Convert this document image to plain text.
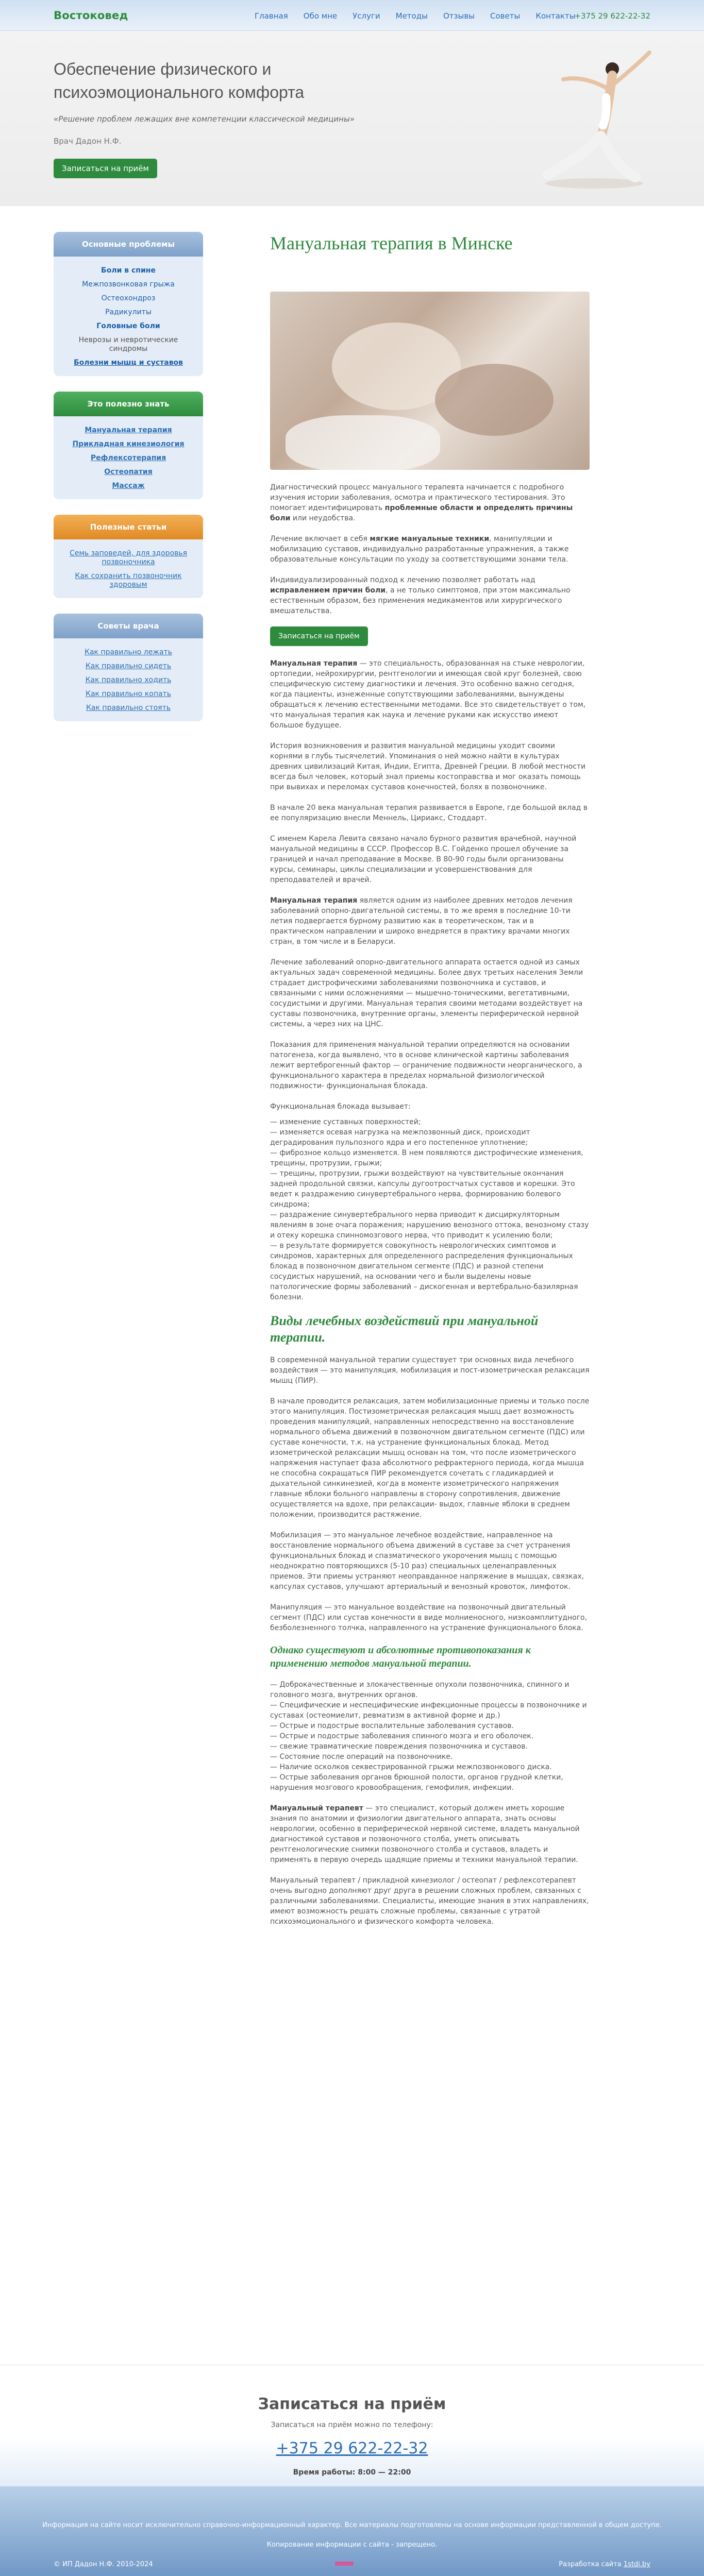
Востоковед	Главная Обо мне Услуги Методы Отзывы Советы Контакты
+375 29 622-22-32
Обеспечение физического и психоэмоционального комфорта
«Решение проблем лежащих вне компетенции классической медицины»
Врач Дадон Н.Ф.
Записаться на приём
Основные проблемы
Боли в спине
Межпозвонковая грыжа
Остеохондроз
Радикулиты
Головные боли
Неврозы и невротические синдромы
Болезни мышц и суставов
Это полезно знать
Мануальная терапия
Прикладная кинезиология
Рефлексотерапия
Остеопатия
Массаж
Полезные статьи
Семь заповедей, для здоровья позвоночника
Как сохранить позвоночник здоровым
Советы врача
Как правильно лежать
Как правильно сидеть
Как правильно ходить
Как правильно копать
Как правильно стоять
Мануальная терапия в Минске

Диагностический процесс мануального терапевта начинается с подробного изучения истории заболевания, осмотра и практического тестирования. Это помогает идентифицировать проблемные области и определить причины боли или неудобства.

Лечение включает в себя мягкие мануальные техники, манипуляции и мобилизацию суставов, индивидуально разработанные упражнения, а также образовательные консультации по уходу за соответствующими зонами тела.

Индивидуализированный подход к лечению позволяет работать над исправлением причин боли, а не только симптомов, при этом максимально естественным образом, без применения медикаментов или хирургического вмешательства.

Записаться на приём

Мануальная терапия — это специальность, образованная на стыке неврологии, ортопедии, нейрохирургии, рентгенологии и имеющая свой круг болезней, свою специфическую систему диагностики и лечения. Это особенно важно сегодня, когда пациенты, изнеженные сопутствующими заболеваниями, вынуждены обращаться к лечению естественными методами. Все это свидетельствует о том, что мануальная терапия как наука и лечение руками как искусство имеют большое будущее.

История возникновения и развития мануальной медицины уходит своими корнями в глубь тысячелетий. Упоминания о ней можно найти в культурах древних цивилизаций Китая, Индии, Египта, Древней Греции. В любой местности всегда был человек, который знал приемы костоправства и мог оказать помощь при вывихах и переломах суставов конечностей, болях в позвоночнике.

В начале 20 века мануальная терапия развивается в Европе, где большой вклад в ее популяризацию внесли Меннель, Цириакс, Стоддарт.

С именем Карела Левита связано начало бурного развития врачебной, научной мануальной медицины в СССР. Профессор В.С. Гойденко прошел обучение за границей и начал преподавание в Москве. В 80-90 годы были организованы курсы, семинары, циклы специализации и усовершенствования для преподавателей и врачей.

Мануальная терапия является одним из наиболее древних методов лечения заболеваний опорно-двигательной системы, в то же время в последние 10-ти летия подвергается бурному развитию как в теоретическом, так и в практическом направлении и широко внедряется в практику врачами многих стран, в том числе и в Беларуси.

Лечение заболеваний опорно-двигательного аппарата остается одной из самых актуальных задач современной медицины. Более двух третьих населения Земли страдает дистрофическими заболеваниями позвоночника и суставов, и связанными с ними осложнениями — мышечно-тоническими, вегетативными, сосудистыми и другими. Мануальная терапия своими методами воздействует на суставы позвоночника, внутренние органы, элементы периферической нервной системы, а через них на ЦНС.

Показания для применения мануальной терапии определяются на основании патогенеза, когда выявлено, что в основе клинической картины заболевания лежит вертеброгенный фактор — ограничение подвижности неорганического, а функционального характера в пределах нормальной физиологической подвижности- функциональная блокада.

Функциональная блокада вызывает:

— изменение суставных поверхностей;
— изменяется осевая нагрузка на межпозвонный диск, происходит деградирования пульпозного ядра и его постепенное уплотнение;
— фиброзное кольцо изменяется. В нем появляются дистрофические изменения, трещины, протрузии, грыжи;
— трещины, протрузии, грыжи воздействуют на чувствительные окончания задней продольной связки, капсулы дугоотростчатых суставов и корешки. Это ведет к раздражению синувертебрального нерва, формированию болевого синдрома;
— раздражение синувертебрального нерва приводит к дисциркуляторным явлениям в зоне очага поражения; нарушению венозного оттока, венозному стазу и отеку корешка спинномозгового нерва, что приводит к усилению боли;
— в результате формируется совокупность неврологических симптомов и синдромов, характерных для определенного распределения функциональных блокад в позвоночном двигательном сегменте (ПДС) и разной степени сосудистых нарушений, на основании чего и были выделены новые патологические формы заболеваний – дискогенная и вертебрально-базилярная болезни.
Виды лечебных воздействий при мануальной терапии.

В современной мануальной терапии существует три основных вида лечебного воздействия — это манипуляция, мобилизация и пост-изометрическая релаксация мышц (ПИР).

В начале проводится релаксация, затем мобилизационные приемы и только после этого манипуляция. Постизометрическая релаксация мышц дает возможность проведения манипуляций, направленных непосредственно на восстановление нормального объема движений в позвоночном двигательном сегменте (ПДС) или суставе конечности, т.к. на устранение функциональных блокад. Метод изометрической релаксации мышц основан на том, что после изометрического напряжения наступает фаза абсолютного рефрактерного периода, когда мышца не способна сокращаться ПИР рекомендуется сочетать с гладикардией и дыхательной синкинезией, когда в моменте изометрического напряжения главные яблоки больного направлены в сторону сопротивления, движение осуществляется на вдохе, при релаксации- выдох, главные яблоки в среднем положении, производится растяжение.

Мобилизация — это мануальное лечебное воздействие, направленное на восстановление нормального объема движений в суставе за счет устранения функциональных блокад и спазматического укорочения мышц с помощью неоднократно повторяющихся (5-10 раз) специальных целенаправленных приемов. Эти приемы устраняют неоправданное напряжение в мышцах, связках, капсулах суставов, улучшают артериальный и венозный кровоток, лимфоток.

Манипуляция — это мануальное воздействие на позвоночный двигательный сегмент (ПДС) или сустав конечности в виде молниеносного, низкоамплитудного, безболезненного толчка, направленного на устранение функционального блока.

Однако существуют и абсолютные противопоказания к применению методов мануальной терапии.
— Доброкачественные и злокачественные опухоли позвоночника, спинного и головного мозга, внутренних органов.
— Специфические и неспецифические инфекционные процессы в позвоночнике и суставах (остеомиелит, ревматизм в активной форме и др.)
— Острые и подострые воспалительные заболевания суставов.
— Острые и подострые заболевания спинного мозга и его оболочек.
— свежие травматические повреждения позвоночника и суставов.
— Состояние после операций на позвоночнике.
— Наличие осколков секвестрированной грыжи межпозвонкового диска.
— Острые заболевания органов брюшной полости, органов грудной клетки, нарушения мозгового кровообращения, гемофилия, инфекции.

Мануальный терапевт — это специалист, который должен иметь хорошие знания по анатомии и физиологии двигательного аппарата, знать основы неврологии, особенно в периферической нервной системе, владеть мануальной диагностикой суставов и позвоночного столба, уметь описывать рентгенологические снимки позвоночного столба и суставов, владеть и применять в первую очередь щадящие приемы и техники мануальной терапии.

Мануальный терапевт / прикладной кинезиолог / остеопат / рефлексотерапевт очень выгодно дополняют друг друга в решении сложных проблем, связанных с различными заболеваниями. Специалисты, имеющие знания в этих направлениях, имеют возможность решать сложные проблемы, связанные с утратой психоэмоционального и физического комфорта человека.

Записаться на приём
Записаться на приём можно по телефону:
+375 29 622-22-32
Время работы: 8:00 — 22:00
Информация на сайте носит исключительно справочно-информационный характер. Все материалы подготовлены на основе информации представленной в общем доступе.
Копирование информации с сайта - запрещено.
© ИП Дадон Н.Ф. 2010-2024	Разработка сайта 1stdi.by
